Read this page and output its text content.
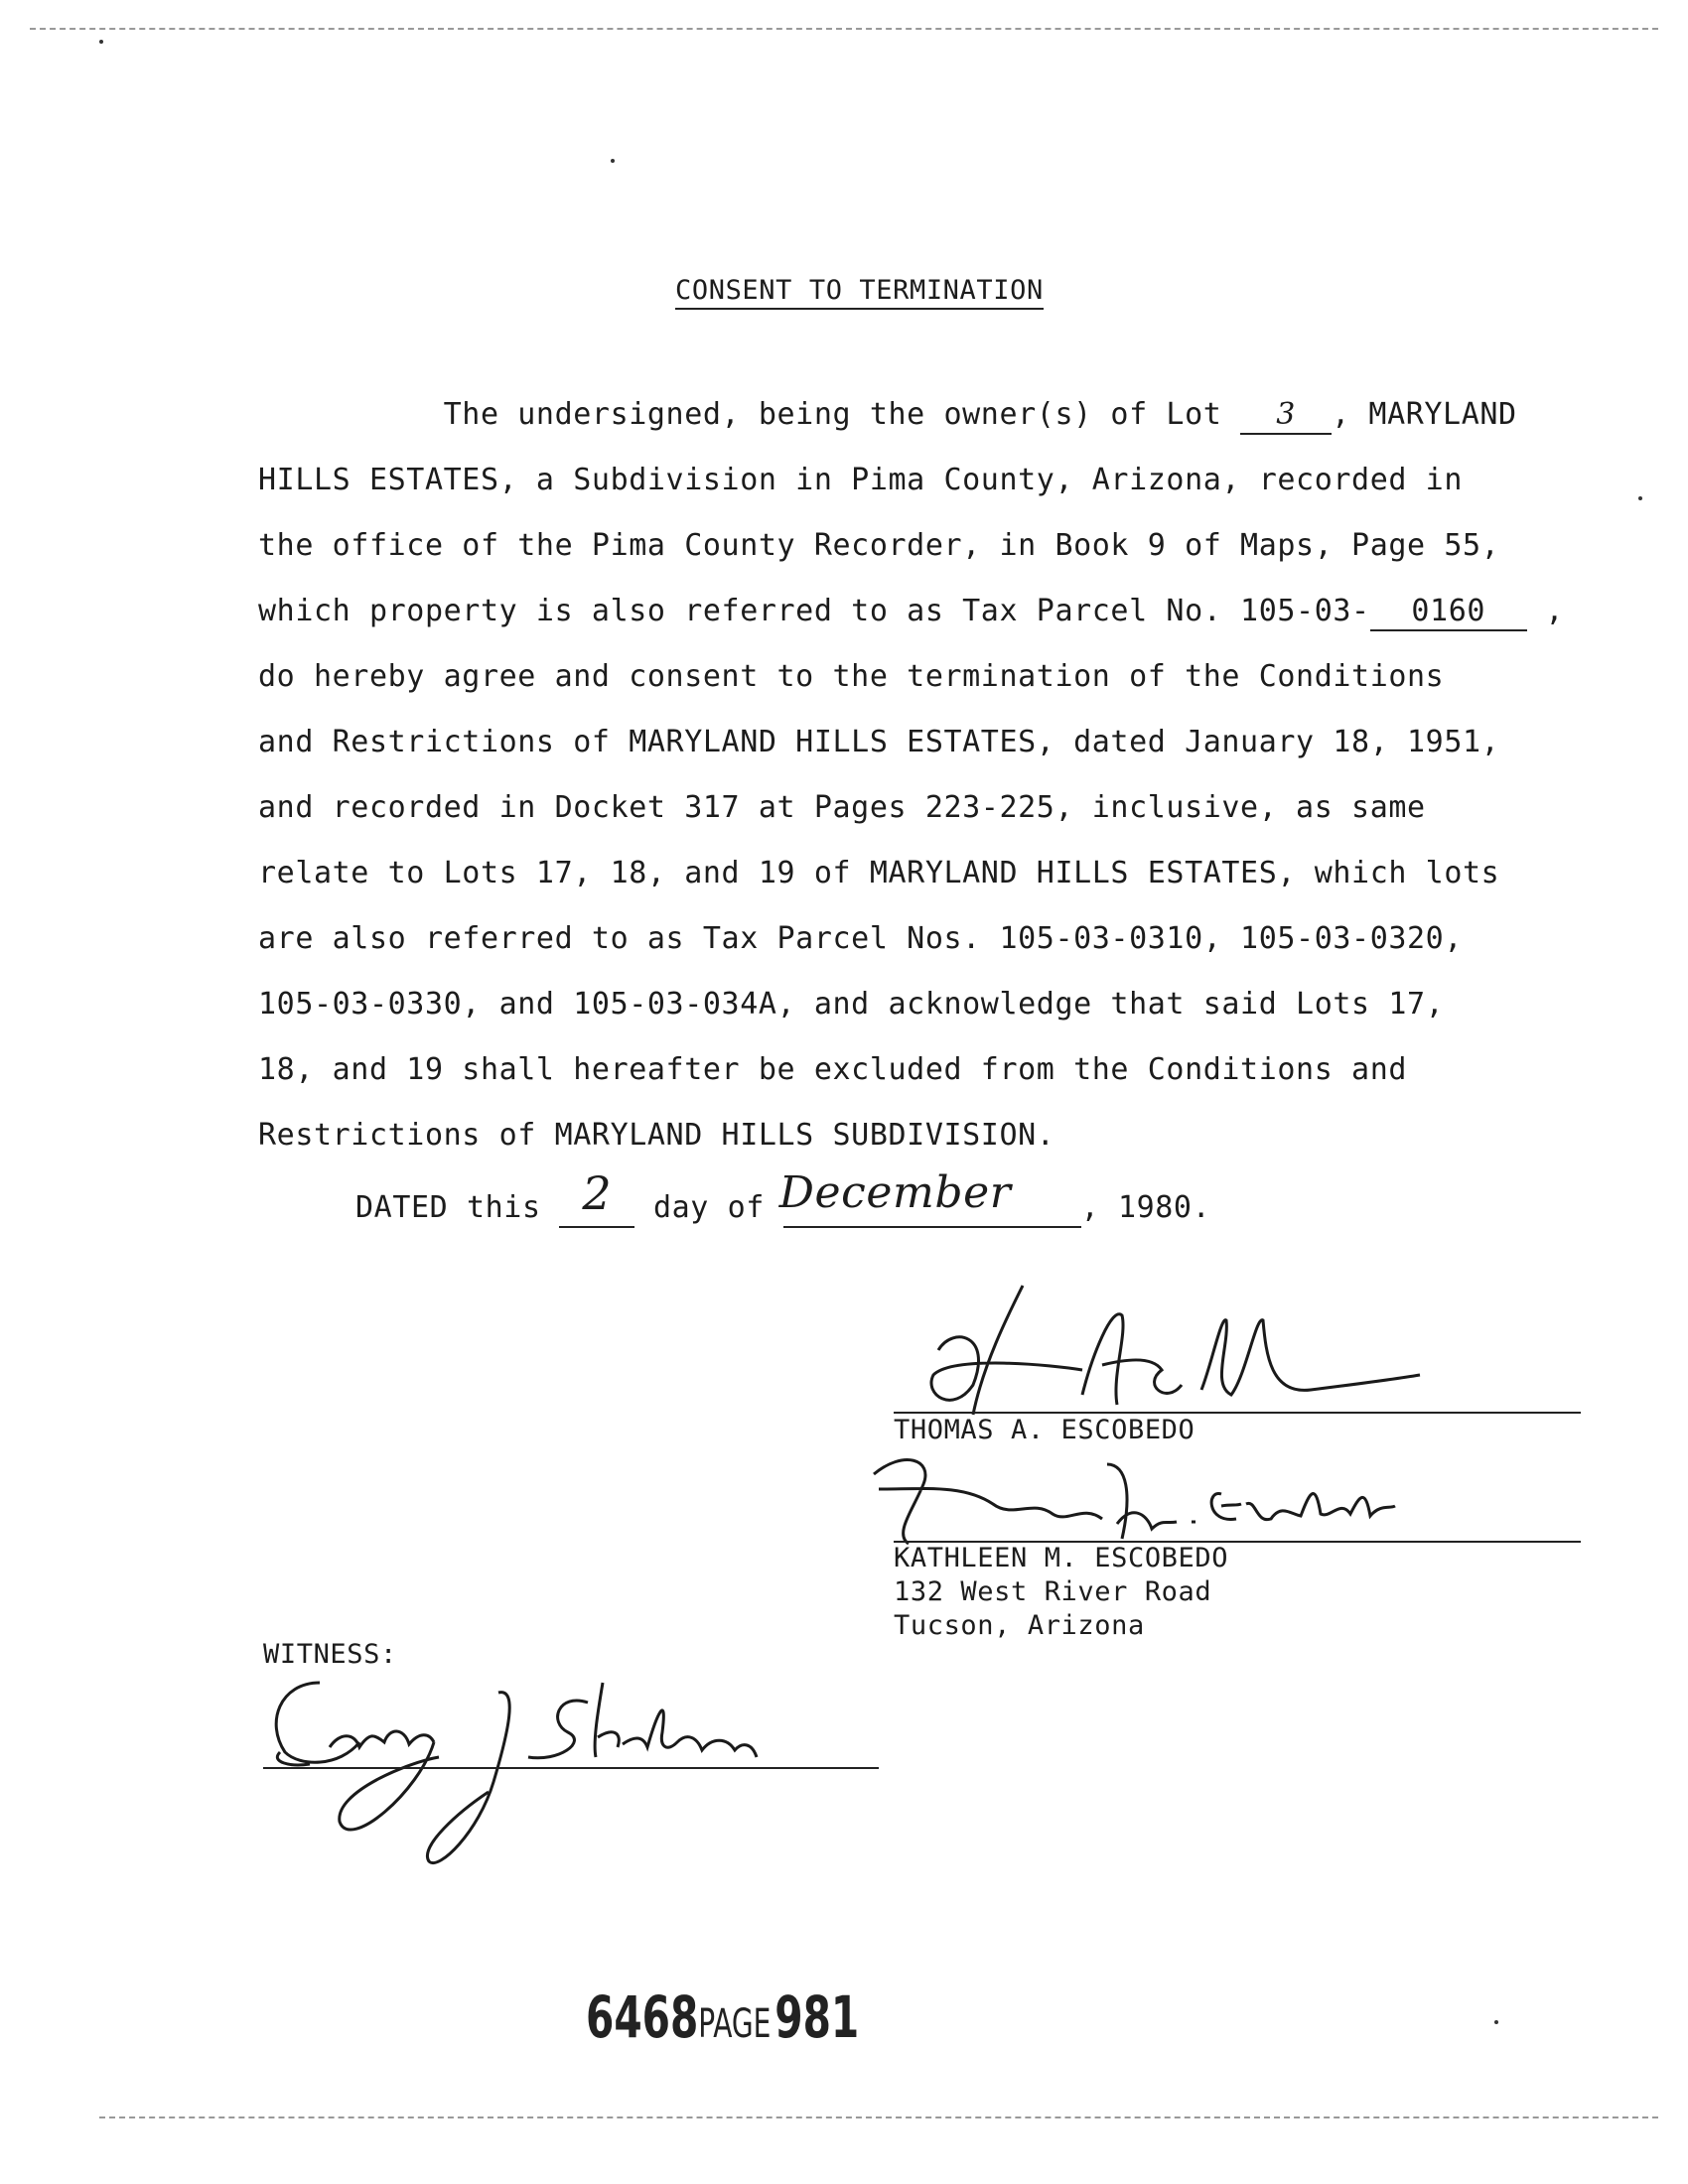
CONSENT TO TERMINATION
The undersigned, being the owner(s) of Lot 3 , MARYLAND
HILLS ESTATES, a Subdivision in Pima County, Arizona, recorded in
the office of the Pima County Recorder, in Book 9 of Maps, Page 55,
which property is also referred to as Tax Parcel No. 105-03- 0160 ,
do hereby agree and consent to the termination of the Conditions
and Restrictions of MARYLAND HILLS ESTATES, dated January 18, 1951,
and recorded in Docket 317 at Pages 223-225, inclusive, as same
relate to Lots 17, 18, and 19 of MARYLAND HILLS ESTATES, which lots
are also referred to as Tax Parcel Nos. 105-03-0310, 105-03-0320,
105-03-0330, and 105-03-034A, and acknowledge that said Lots 17,
18, and 19 shall hereafter be excluded from the Conditions and
Restrictions of MARYLAND HILLS SUBDIVISION.
DATED this 2 day of December , 1980.
THOMAS A. ESCOBEDO
KATHLEEN M. ESCOBEDO
132 West River Road
Tucson, Arizona
WITNESS:
6468PAGE 981
